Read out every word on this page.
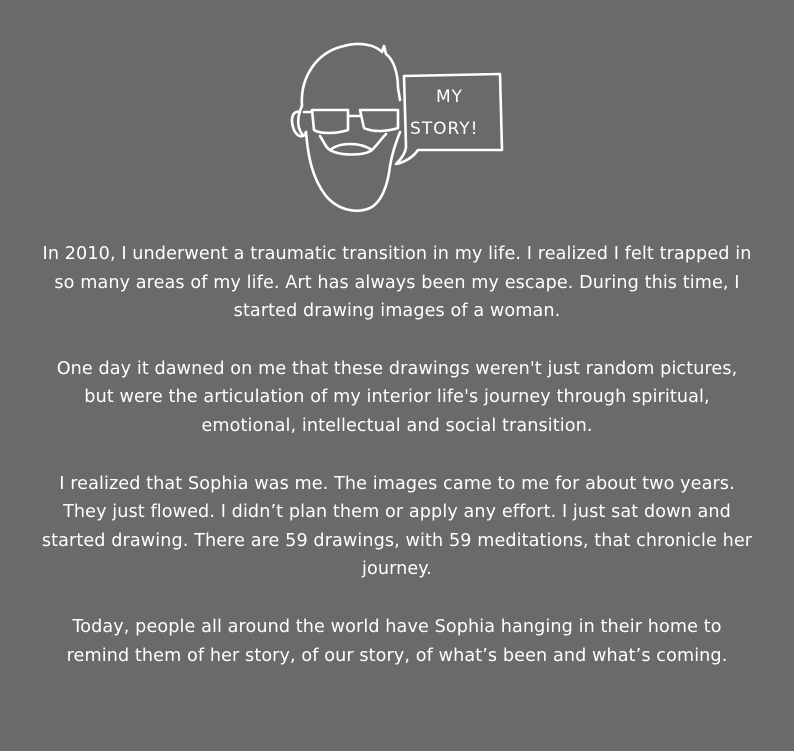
MY
STORY!

In 2010, I underwent a traumatic transition in my life. I realized I felt trapped in so many areas of my life. Art has always been my escape. During this time, I started drawing images of a woman.

One day it dawned on me that these drawings weren't just random pictures, but were the articulation of my interior life's journey through spiritual, emotional, intellectual and social transition.

I realized that Sophia was me. The images came to me for about two years. They just flowed. I didn’t plan them or apply any effort. I just sat down and started drawing. There are 59 drawings, with 59 meditations, that chronicle her journey.

Today, people all around the world have Sophia hanging in their home to remind them of her story, of our story, of what’s been and what’s coming.
